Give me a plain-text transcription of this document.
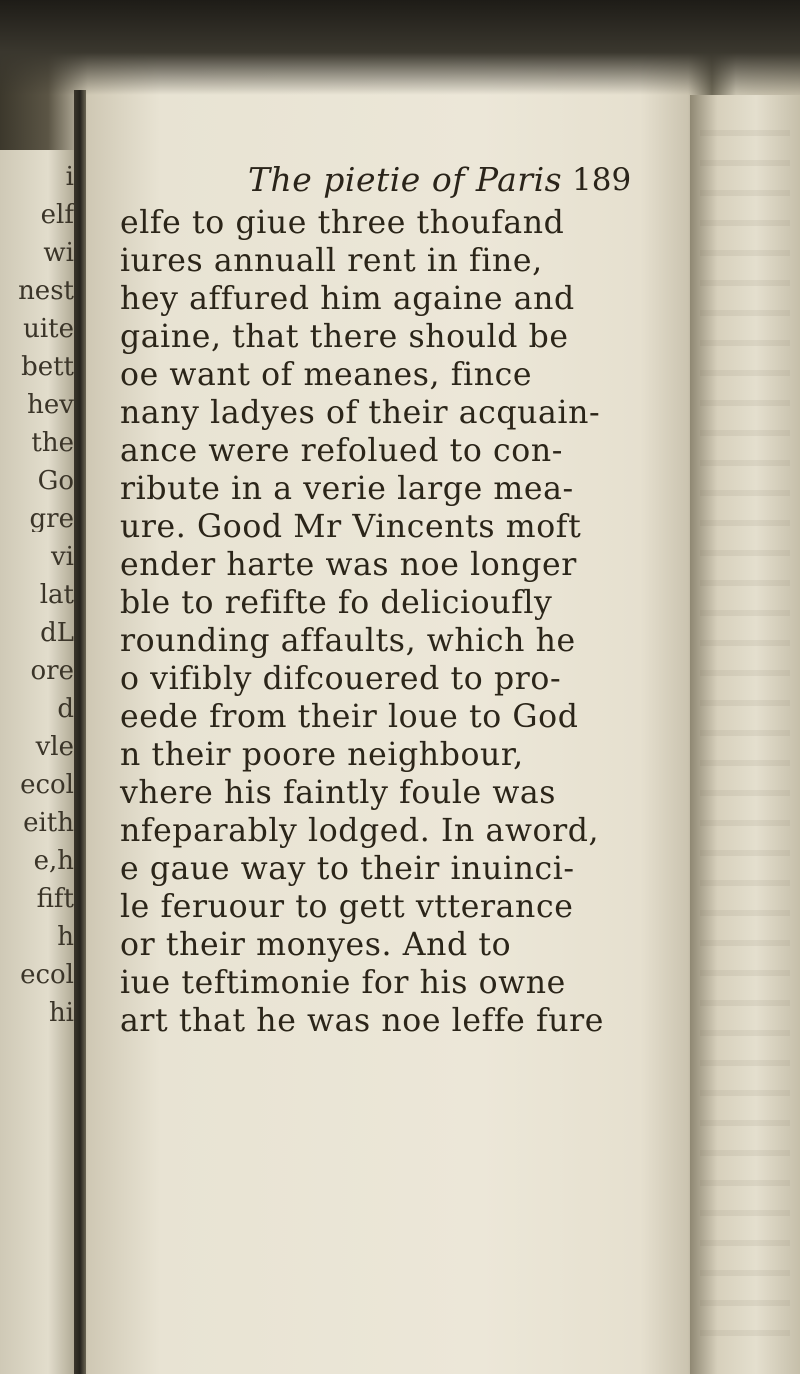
i
elf
wi
nest
uite
bett
hev
the
Go
gre
vi
lat
dL
ore
d
vle
ecol
eith
e,h
fift
h
ecol
hi
The pietie of Paris 189
elfe to giue three thoufand
iures annuall rent in fine,
hey affured him againe and
gaine, that there should be
oe want of meanes, fince
nany ladyes of their acquain-
ance were refolued to con-
ribute in a verie large mea-
ure. Good Mr Vincents moft
ender harte was noe longer
ble to refifte fo delicioufly
rounding affaults, which he
o vifibly difcouered to pro-
eede from their loue to God
n their poore neighbour,
vhere his faintly foule was
nfeparably lodged. In aword,
e gaue way to their inuinci-
le feruour to gett vtterance
or their monyes. And to
iue teftimonie for his owne
art that he was noe leffe fure
